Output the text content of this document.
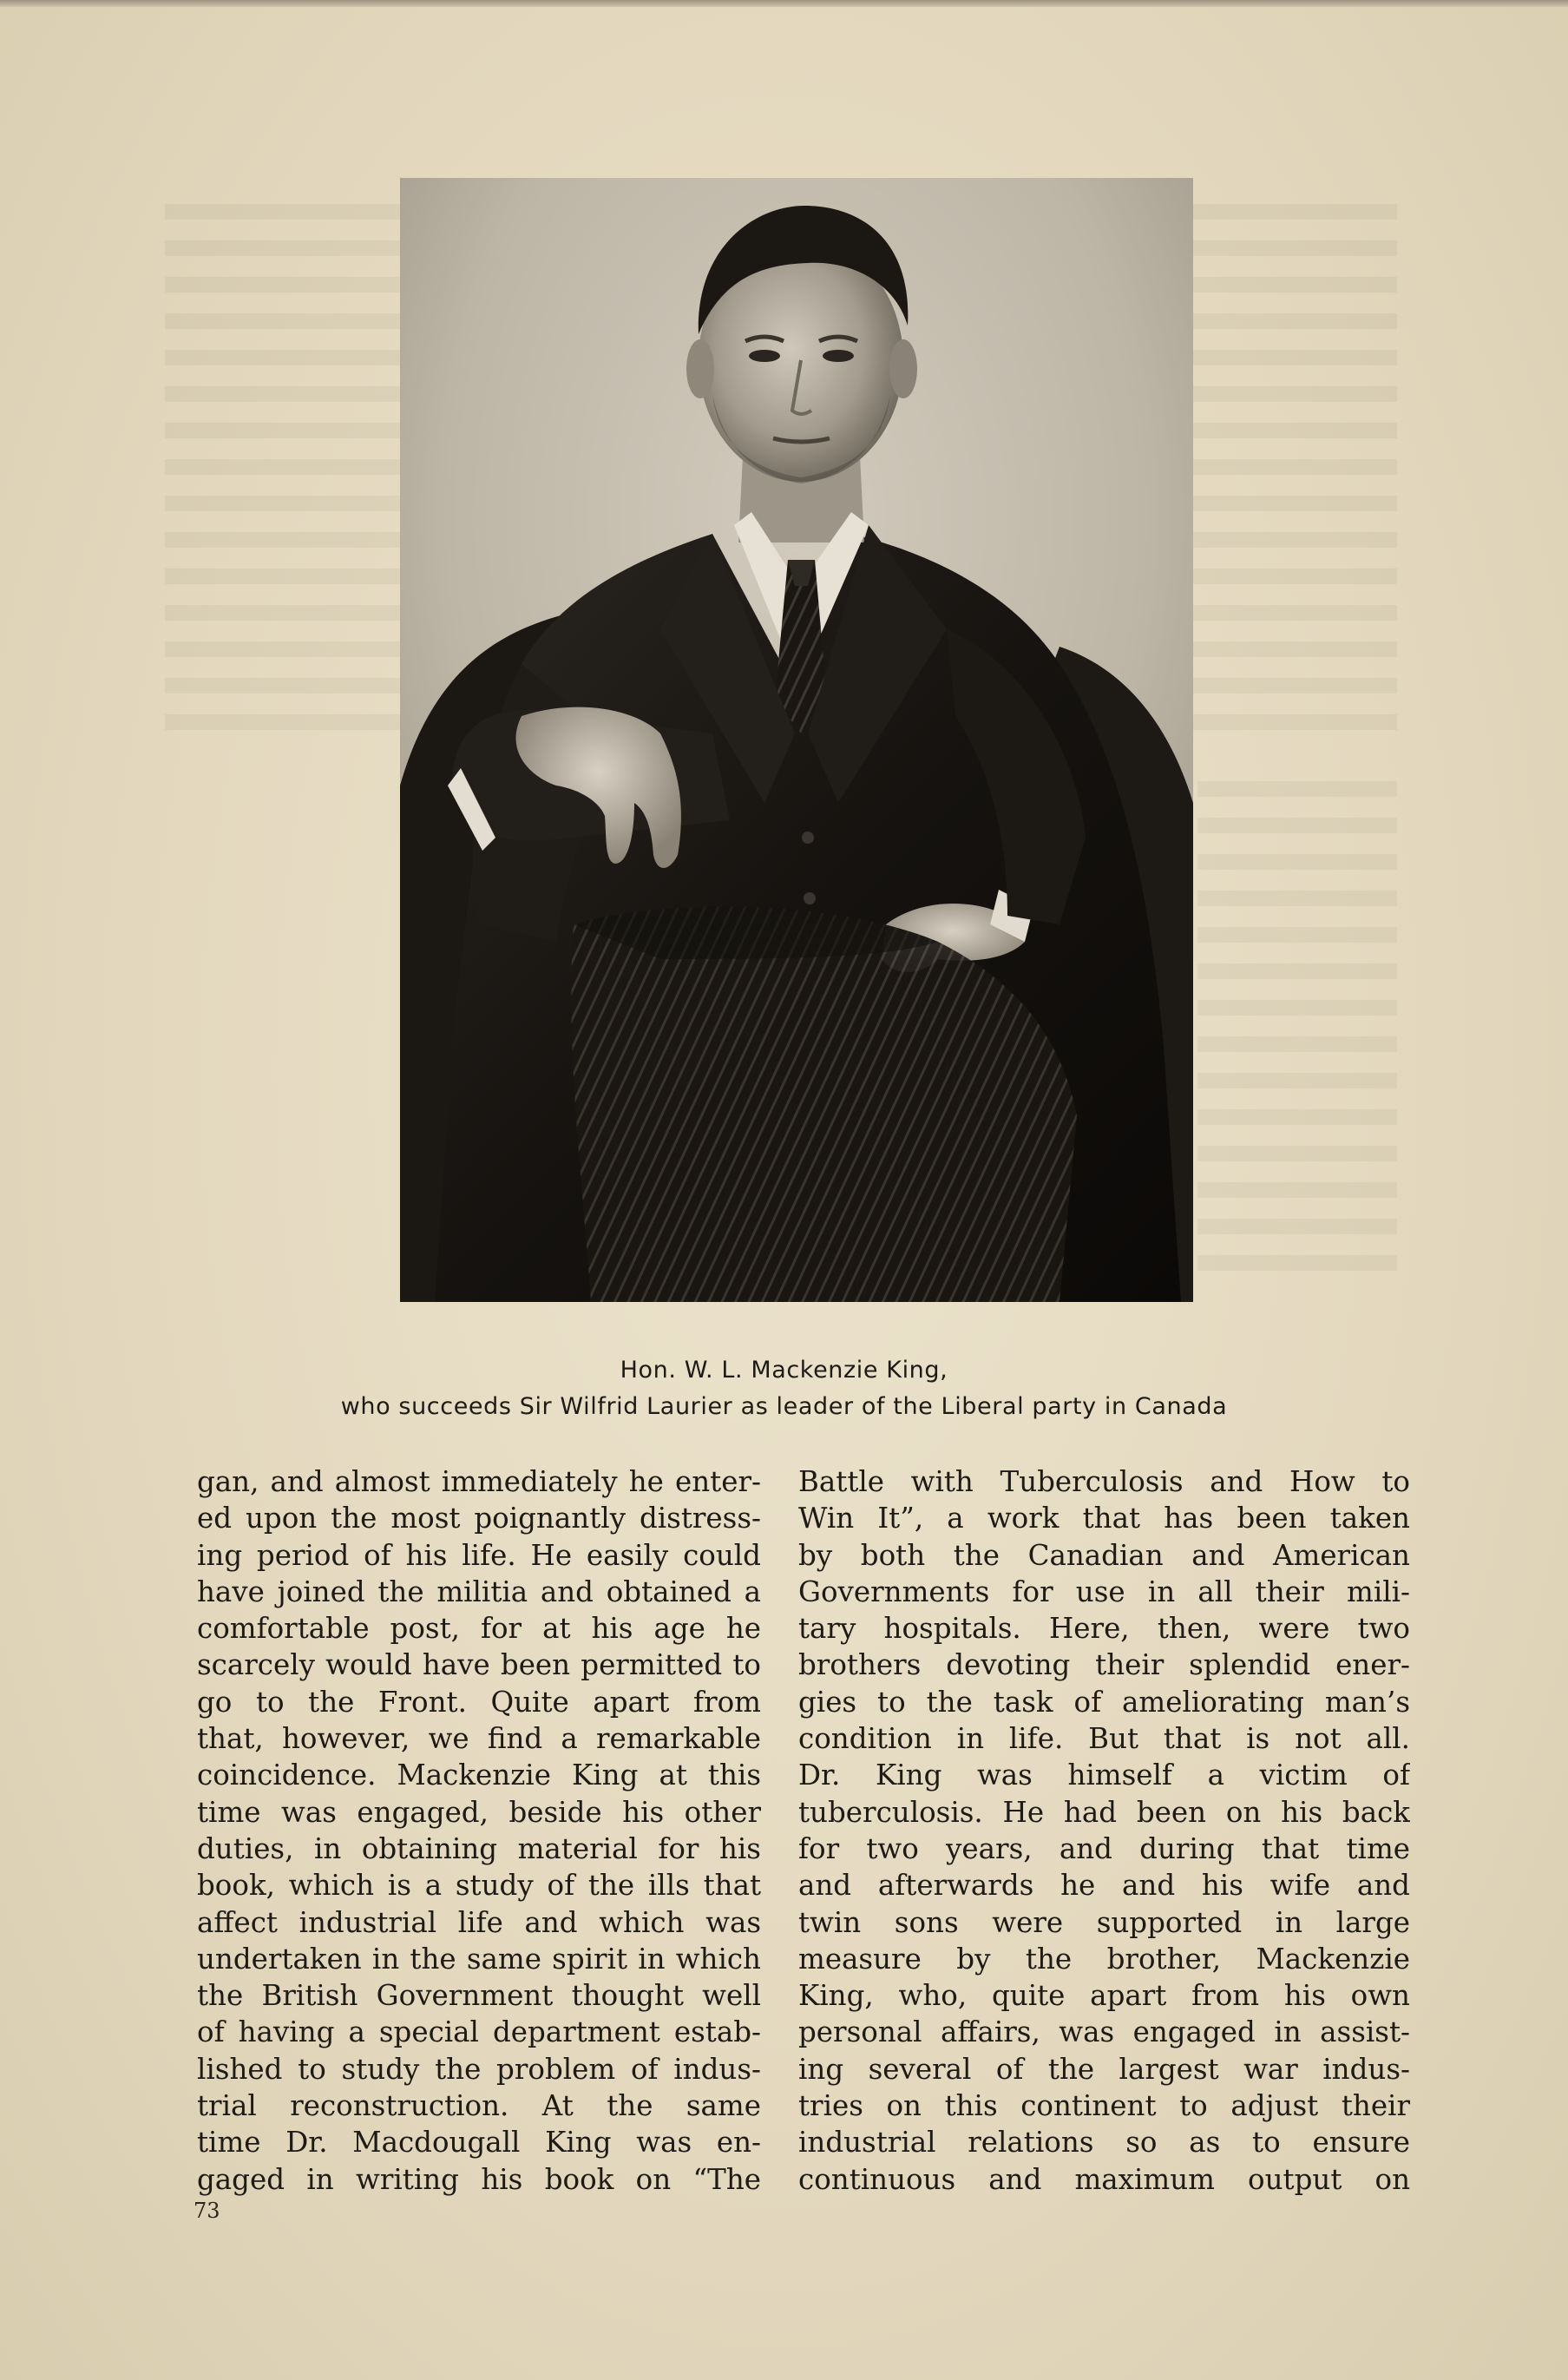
Hon. W. L. Mackenzie King,
who succeeds Sir Wilfrid Laurier as leader of the Liberal party in Canada
gan, and almost immediately he enter-
ed upon the most poignantly distress-
ing period of his life. He easily could
have joined the militia and obtained a
comfortable post, for at his age he
scarcely would have been permitted to
go to the Front. Quite apart from
that, however, we find a remarkable
coincidence. Mackenzie King at this
time was engaged, beside his other
duties, in obtaining material for his
book, which is a study of the ills that
affect industrial life and which was
undertaken in the same spirit in which
the British Government thought well
of having a special department estab-
lished to study the problem of indus-
trial reconstruction. At the same
time Dr. Macdougall King was en-
gaged in writing his book on “The
Battle with Tuberculosis and How to
Win It”, a work that has been taken
by both the Canadian and American
Governments for use in all their mili-
tary hospitals. Here, then, were two
brothers devoting their splendid ener-
gies to the task of ameliorating man’s
condition in life. But that is not all.
Dr. King was himself a victim of
tuberculosis. He had been on his back
for two years, and during that time
and afterwards he and his wife and
twin sons were supported in large
measure by the brother, Mackenzie
King, who, quite apart from his own
personal affairs, was engaged in assist-
ing several of the largest war indus-
tries on this continent to adjust their
industrial relations so as to ensure
continuous and maximum output on
73
